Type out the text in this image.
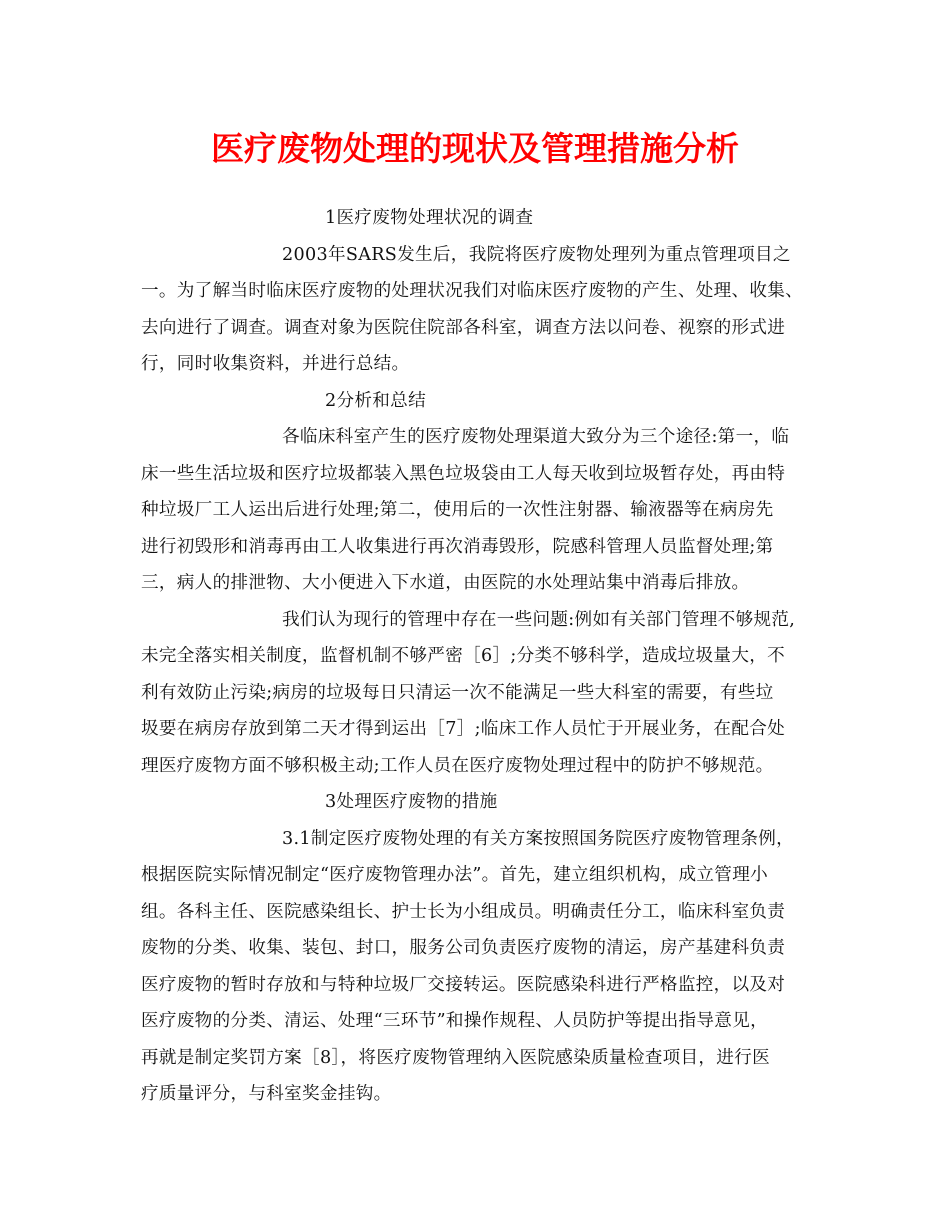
医疗废物处理的现状及管理措施分析
1医疗废物处理状况的调查
2003年SARS发生后，我院将医疗废物处理列为重点管理项目之
一。为了解当时临床医疗废物的处理状况我们对临床医疗废物的产生、处理、收集、
去向进行了调查。调查对象为医院住院部各科室，调查方法以问卷、视察的形式进
行，同时收集资料，并进行总结。
2分析和总结
各临床科室产生的医疗废物处理渠道大致分为三个途径:第一，临
床一些生活垃圾和医疗垃圾都装入黑色垃圾袋由工人每天收到垃圾暂存处，再由特
种垃圾厂工人运出后进行处理;第二，使用后的一次性注射器、输液器等在病房先
进行初毁形和消毒再由工人收集进行再次消毒毁形，院感科管理人员监督处理;第
三，病人的排泄物、大小便进入下水道，由医院的水处理站集中消毒后排放。
我们认为现行的管理中存在一些问题:例如有关部门管理不够规范,
未完全落实相关制度，监督机制不够严密［6］;分类不够科学，造成垃圾量大，不
利有效防止污染;病房的垃圾每日只清运一次不能满足一些大科室的需要，有些垃
圾要在病房存放到第二天才得到运出［7］;临床工作人员忙于开展业务，在配合处
理医疗废物方面不够积极主动;工作人员在医疗废物处理过程中的防护不够规范。
3处理医疗废物的措施
3.1制定医疗废物处理的有关方案按照国务院医疗废物管理条例，
根据医院实际情况制定“医疗废物管理办法”。首先，建立组织机构，成立管理小
组。各科主任、医院感染组长、护士长为小组成员。明确责任分工，临床科室负责
废物的分类、收集、装包、封口，服务公司负责医疗废物的清运，房产基建科负责
医疗废物的暂时存放和与特种垃圾厂交接转运。医院感染科进行严格监控，以及对
医疗废物的分类、清运、处理“三环节”和操作规程、人员防护等提出指导意见，
再就是制定奖罚方案［8］，将医疗废物管理纳入医院感染质量检查项目，进行医
疗质量评分，与科室奖金挂钩。
